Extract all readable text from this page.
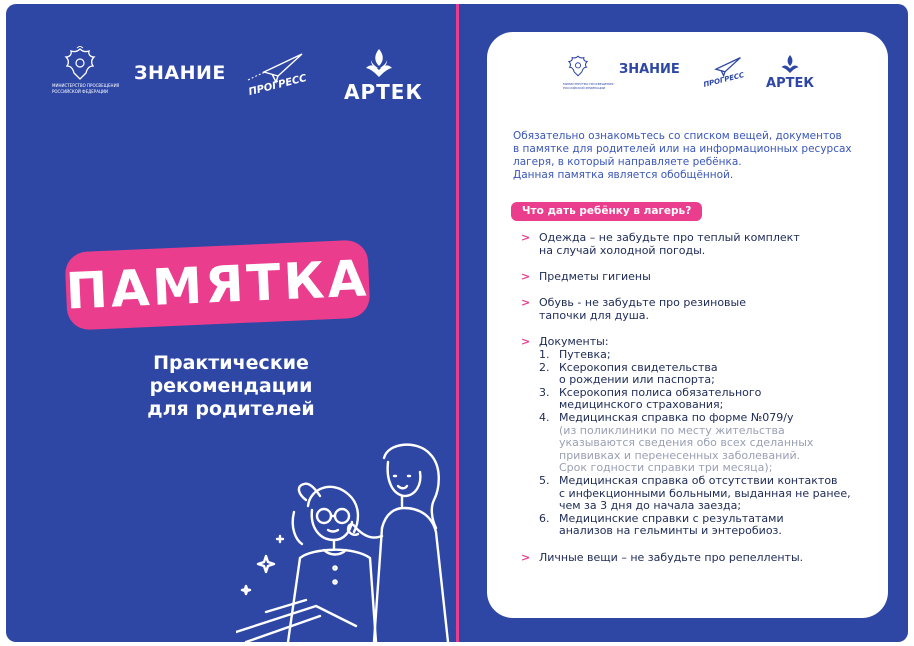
МИНИСТЕРСТВО ПРОСВЕЩЕНИЯ
РОССИЙСКОЙ ФЕДЕРАЦИИ
ЗНАНИЕ ПРОГРЕСС АРТЕК
ПАМЯТКА
Практические
рекомендации
для родителей
МИНИСТЕРСТВО ПРОСВЕЩЕНИЯ
РОССИЙСКОЙ ФЕДЕРАЦИИ
ЗНАНИЕ
ПРОГРЕСС АРТЕК
Обязательно ознакомьтесь со списком вещей, документов
в памятке для родителей или на информационных ресурсах
лагеря, в который направляете ребёнка.
Данная памятка является обобщённой.
Что дать ребёнку в лагерь?
> Одежда – не забудьте про теплый комплект
на случай холодной погоды.
> Предметы гигиены
> Обувь - не забудьте про резиновые
тапочки для душа.
> Документы:
1. Путевка;
2. Ксерокопия свидетельства
о рождении или паспорта;
3. Ксерокопия полиса обязательного
медицинского страхования;
4. Медицинская справка по форме №079/у
(из поликлиники по месту жительства
указываются сведения обо всех сделанных
прививках и перенесенных заболеваний.
Срок годности справки три месяца);
5. Медицинская справка об отсутствии контактов
с инфекционными больными, выданная не ранее,
чем за 3 дня до начала заезда;
6. Медицинские справки с результатами
анализов на гельминты и энтеробиоз.
> Личные вещи – не забудьте про репелленты.
